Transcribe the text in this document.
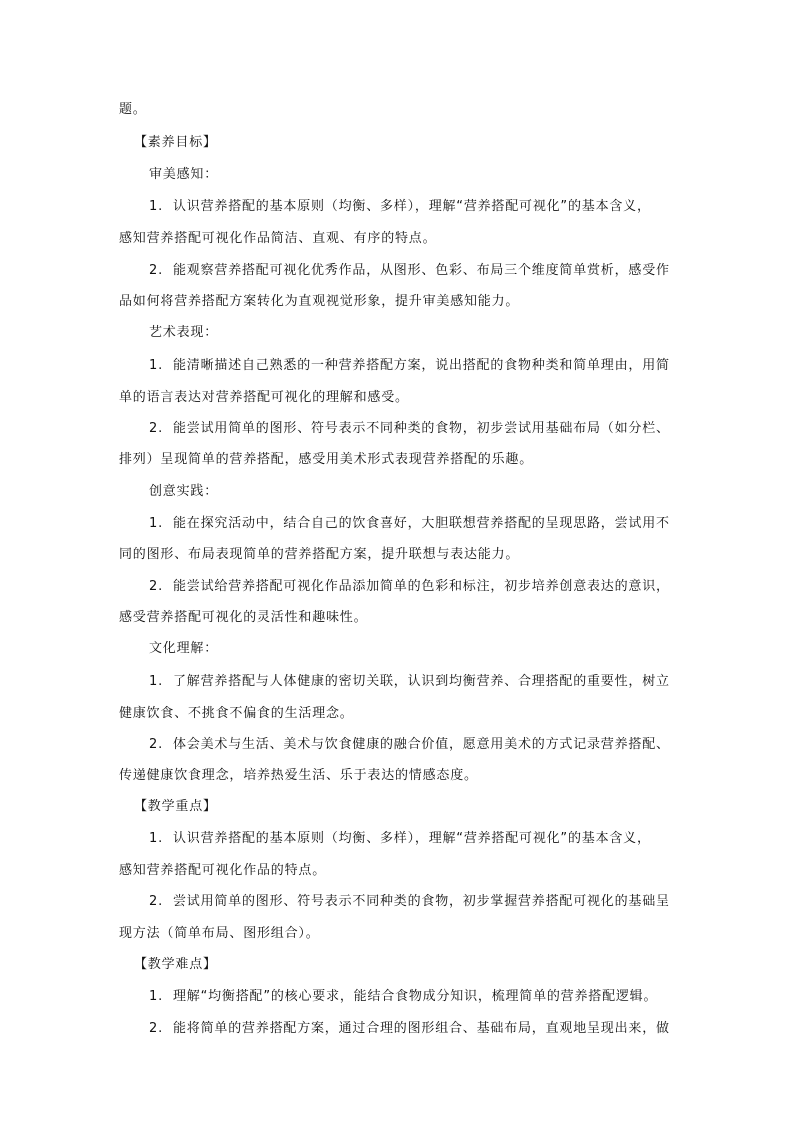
题。
【素养目标】
审美感知：
1. 认识营养搭配的基本原则（均衡、多样），理解“营养搭配可视化”的基本含义，
感知营养搭配可视化作品简洁、直观、有序的特点。
2. 能观察营养搭配可视化优秀作品，从图形、色彩、布局三个维度简单赏析，感受作
品如何将营养搭配方案转化为直观视觉形象，提升审美感知能力。
艺术表现：
1. 能清晰描述自己熟悉的一种营养搭配方案，说出搭配的食物种类和简单理由，用简
单的语言表达对营养搭配可视化的理解和感受。
2. 能尝试用简单的图形、符号表示不同种类的食物，初步尝试用基础布局（如分栏、
排列）呈现简单的营养搭配，感受用美术形式表现营养搭配的乐趣。
创意实践：
1. 能在探究活动中，结合自己的饮食喜好，大胆联想营养搭配的呈现思路，尝试用不
同的图形、布局表现简单的营养搭配方案，提升联想与表达能力。
2. 能尝试给营养搭配可视化作品添加简单的色彩和标注，初步培养创意表达的意识，
感受营养搭配可视化的灵活性和趣味性。
文化理解：
1. 了解营养搭配与人体健康的密切关联，认识到均衡营养、合理搭配的重要性，树立
健康饮食、不挑食不偏食的生活理念。
2. 体会美术与生活、美术与饮食健康的融合价值，愿意用美术的方式记录营养搭配、
传递健康饮食理念，培养热爱生活、乐于表达的情感态度。
【教学重点】
1. 认识营养搭配的基本原则（均衡、多样），理解“营养搭配可视化”的基本含义，
感知营养搭配可视化作品的特点。
2. 尝试用简单的图形、符号表示不同种类的食物，初步掌握营养搭配可视化的基础呈
现方法（简单布局、图形组合）。
【教学难点】
1. 理解“均衡搭配”的核心要求，能结合食物成分知识，梳理简单的营养搭配逻辑。
2. 能将简单的营养搭配方案，通过合理的图形组合、基础布局，直观地呈现出来，做
